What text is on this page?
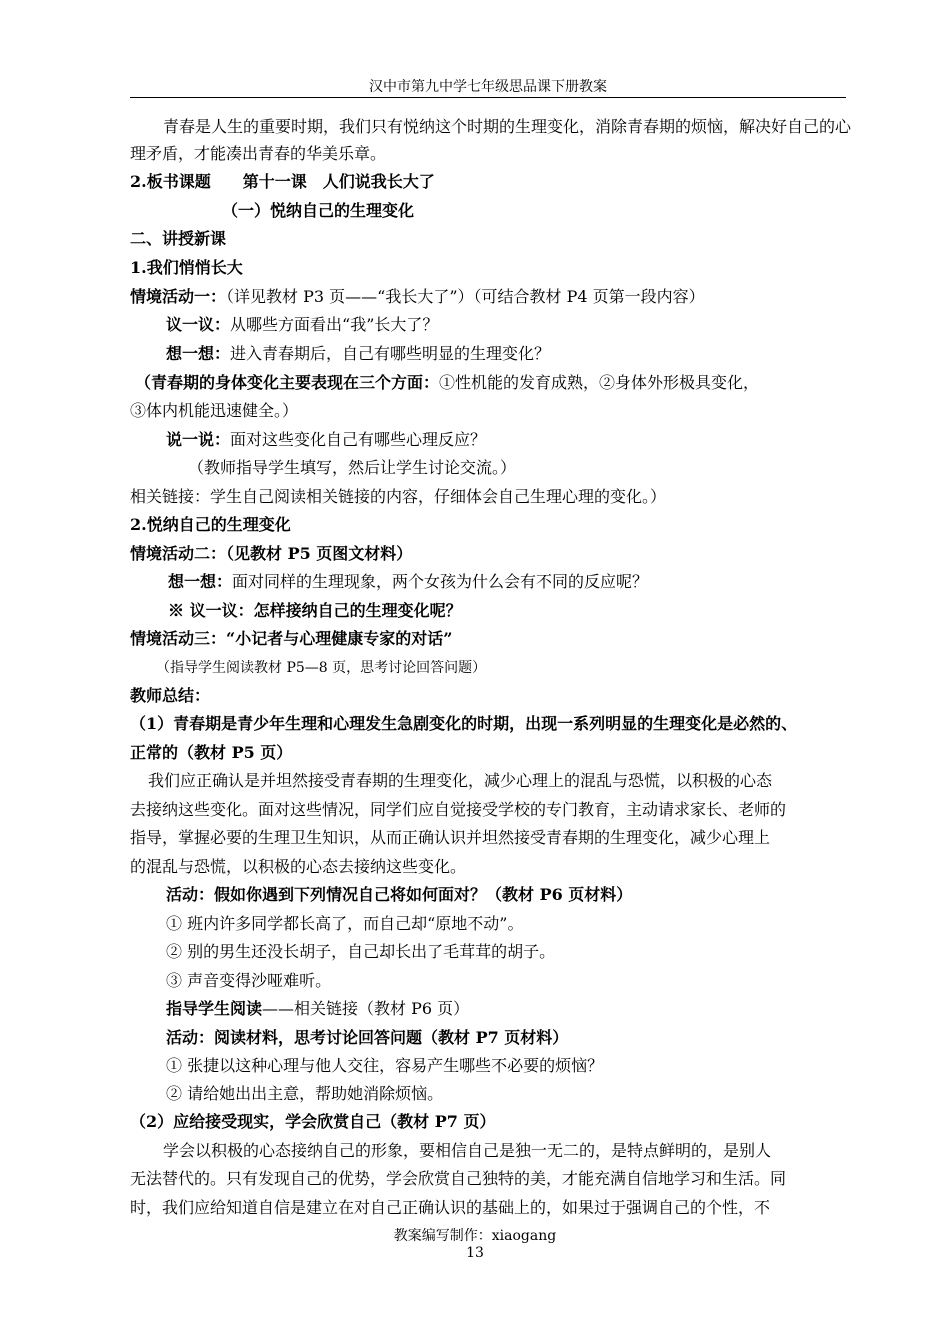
汉中市第九中学七年级思品课下册教案
青春是人生的重要时期，我们只有悦纳这个时期的生理变化，消除青春期的烦恼，解决好自己的心
理矛盾，才能凑出青春的华美乐章。
2.板书课题　　第十一课　人们说我长大了
（一）悦纳自己的生理变化
二、讲授新课
1.我们悄悄长大
情境活动一：（详见教材 P3 页——“我长大了”）（可结合教材 P4 页第一段内容）
议一议：从哪些方面看出“我”长大了？
想一想：进入青春期后，自己有哪些明显的生理变化？
（青春期的身体变化主要表现在三个方面：①性机能的发育成熟，②身体外形极具变化，
③体内机能迅速健全。）
说一说：面对这些变化自己有哪些心理反应？
（教师指导学生填写，然后让学生讨论交流。）
相关链接：学生自己阅读相关链接的内容，仔细体会自己生理心理的变化。）
2.悦纳自己的生理变化
情境活动二：（见教材 P5 页图文材料）
想一想：面对同样的生理现象，两个女孩为什么会有不同的反应呢？
※ 议一议：怎样接纳自己的生理变化呢？
情境活动三：“小记者与心理健康专家的对话”
（指导学生阅读教材 P5—8 页，思考讨论回答问题）
教师总结：
（1）青春期是青少年生理和心理发生急剧变化的时期，出现一系列明显的生理变化是必然的、
正常的（教材 P5 页）
我们应正确认是并坦然接受青春期的生理变化，减少心理上的混乱与恐慌，以积极的心态
去接纳这些变化。面对这些情况，同学们应自觉接受学校的专门教育，主动请求家长、老师的
指导，掌握必要的生理卫生知识，从而正确认识并坦然接受青春期的生理变化，减少心理上
的混乱与恐慌，以积极的心态去接纳这些变化。
活动：假如你遇到下列情况自己将如何面对？（教材 P6 页材料）
① 班内许多同学都长高了，而自己却“原地不动”。
② 别的男生还没长胡子，自己却长出了毛茸茸的胡子。
③ 声音变得沙哑难听。
指导学生阅读——相关链接（教材 P6 页）
活动：阅读材料，思考讨论回答问题（教材 P7 页材料）
① 张捷以这种心理与他人交往，容易产生哪些不必要的烦恼？
② 请给她出出主意，帮助她消除烦恼。
（2）应给接受现实，学会欣赏自己（教材 P7 页）
学会以积极的心态接纳自己的形象，要相信自己是独一无二的，是特点鲜明的，是别人
无法替代的。只有发现自己的优势，学会欣赏自己独特的美，才能充满自信地学习和生活。同
时，我们应给知道自信是建立在对自己正确认识的基础上的，如果过于强调自己的个性，不
教案编写制作：xiaogang
13
